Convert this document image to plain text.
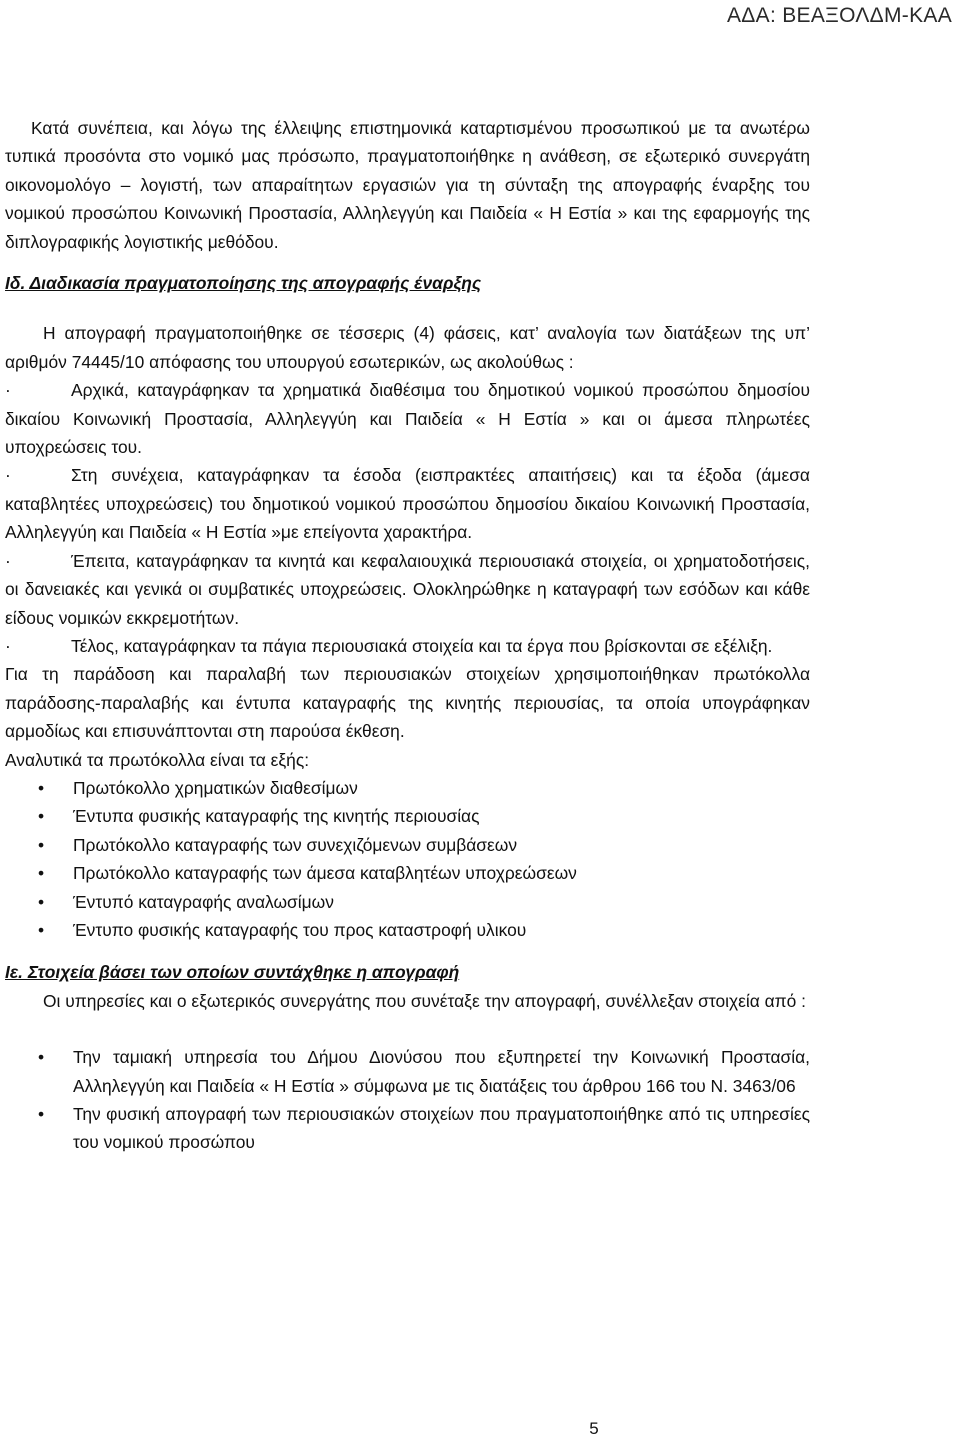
ΑΔΑ: ΒΕΑΞΟΛΔΜ-ΚΑΑ

Κατά συνέπεια, και λόγω της έλλειψης επιστημονικά καταρτισμένου προσωπικού με τα ανωτέρω τυπικά προσόντα στο νομικό μας πρόσωπο, πραγματοποιήθηκε η ανάθεση, σε εξωτερικό συνεργάτη οικονομολόγο – λογιστή, των απαραίτητων εργασιών για τη σύνταξη της απογραφής έναρξης του νομικού προσώπου Κοινωνική Προστασία, Αλληλεγγύη και Παιδεία « Η Εστία » και της εφαρμογής της διπλογραφικής λογιστικής μεθόδου.

Ιδ. Διαδικασία πραγματοποίησης της απογραφής έναρξης

Η απογραφή πραγματοποιήθηκε σε τέσσερις (4) φάσεις, κατ’ αναλογία των διατάξεων της υπ’ αριθμόν 74445/10 απόφασης του υπουργού εσωτερικών, ως ακολούθως :

·	Αρχικά, καταγράφηκαν τα χρηματικά διαθέσιμα του δημοτικού νομικού προσώπου δημοσίου δικαίου Κοινωνική Προστασία, Αλληλεγγύη και Παιδεία « Η Εστία » και οι άμεσα πληρωτέες υποχρεώσεις του.

·	Στη συνέχεια, καταγράφηκαν τα έσοδα (εισπρακτέες απαιτήσεις) και τα έξοδα (άμεσα καταβλητέες υποχρεώσεις) του δημοτικού νομικού προσώπου δημοσίου δικαίου Κοινωνική Προστασία, Αλληλεγγύη και Παιδεία « Η Εστία »με επείγοντα χαρακτήρα.

·	Έπειτα, καταγράφηκαν τα κινητά και κεφαλαιουχικά περιουσιακά στοιχεία, οι χρηματοδοτήσεις, οι δανειακές και γενικά οι συμβατικές υποχρεώσεις. Ολοκληρώθηκε η καταγραφή των εσόδων και κάθε είδους νομικών εκκρεμοτήτων.

·	Τέλος, καταγράφηκαν τα πάγια περιουσιακά στοιχεία και τα έργα που βρίσκονται σε εξέλιξη.

Για τη παράδοση και παραλαβή των περιουσιακών στοιχείων χρησιμοποιήθηκαν πρωτόκολλα παράδοσης-παραλαβής και έντυπα καταγραφής της κινητής περιουσίας, τα οποία υπογράφηκαν αρμοδίως και επισυνάπτονται στη παρούσα έκθεση.

Αναλυτικά τα πρωτόκολλα είναι τα εξής:

• Πρωτόκολλο χρηματικών διαθεσίμων
• Έντυπα φυσικής καταγραφής της κινητής περιουσίας
• Πρωτόκολλο καταγραφής των συνεχιζόμενων συμβάσεων
• Πρωτόκολλο καταγραφής των άμεσα καταβλητέων υποχρεώσεων
• Έντυπό καταγραφής αναλωσίμων
• Έντυπο φυσικής καταγραφής του προς καταστροφή υλικου

Ιε. Στοιχεία βάσει των οποίων συντάχθηκε η απογραφή

Οι υπηρεσίες και ο εξωτερικός συνεργάτης που συνέταξε την απογραφή, συνέλλεξαν στοιχεία από :

• Την ταμιακή υπηρεσία του Δήμου Διονύσου που εξυπηρετεί την Κοινωνική Προστασία, Αλληλεγγύη και Παιδεία « Η Εστία » σύμφωνα με τις διατάξεις του άρθρου 166 του Ν. 3463/06
• Την φυσική απογραφή των περιουσιακών στοιχείων που πραγματοποιήθηκε από τις υπηρεσίες του νομικού προσώπου
5
